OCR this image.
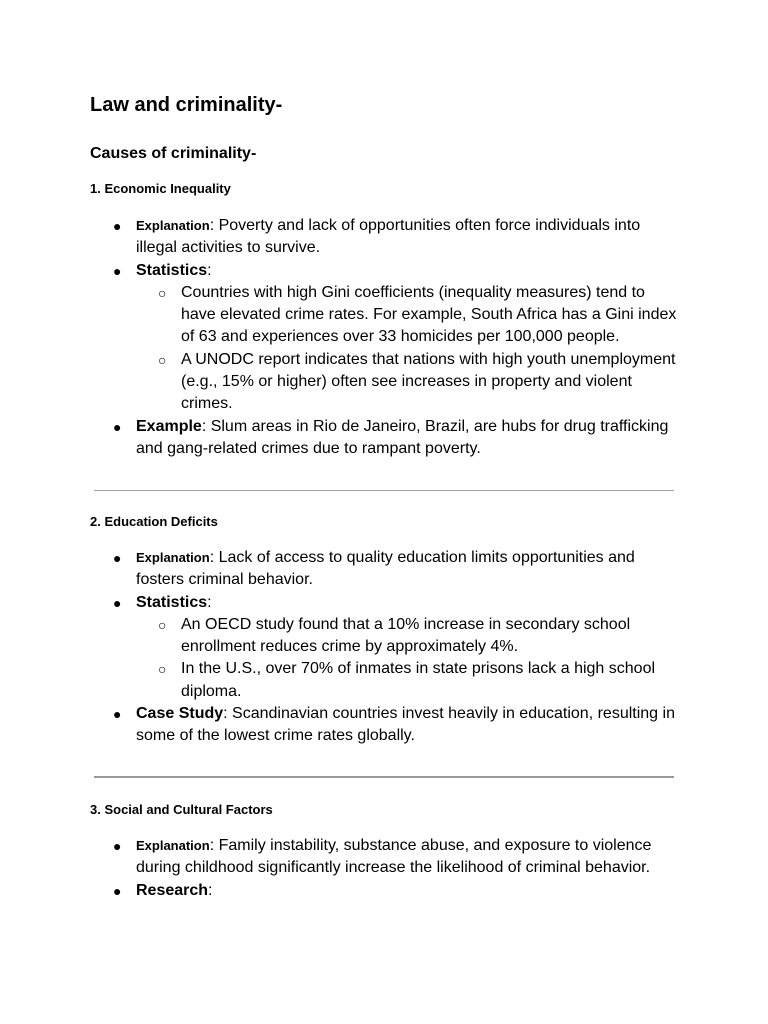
Law and criminality-
Causes of criminality-
1. Economic Inequality
● Explanation: Poverty and lack of opportunities often force individuals into illegal activities to survive.
● Statistics:
○ Countries with high Gini coefficients (inequality measures) tend to have elevated crime rates. For example, South Africa has a Gini index of 63 and experiences over 33 homicides per 100,000 people.
○ A UNODC report indicates that nations with high youth unemployment (e.g., 15% or higher) often see increases in property and violent crimes.
● Example: Slum areas in Rio de Janeiro, Brazil, are hubs for drug trafficking and gang-related crimes due to rampant poverty.
2. Education Deficits
● Explanation: Lack of access to quality education limits opportunities and fosters criminal behavior.
● Statistics:
○ An OECD study found that a 10% increase in secondary school enrollment reduces crime by approximately 4%.
○ In the U.S., over 70% of inmates in state prisons lack a high school diploma.
● Case Study: Scandinavian countries invest heavily in education, resulting in some of the lowest crime rates globally.
3. Social and Cultural Factors
● Explanation: Family instability, substance abuse, and exposure to violence during childhood significantly increase the likelihood of criminal behavior.
● Research:
